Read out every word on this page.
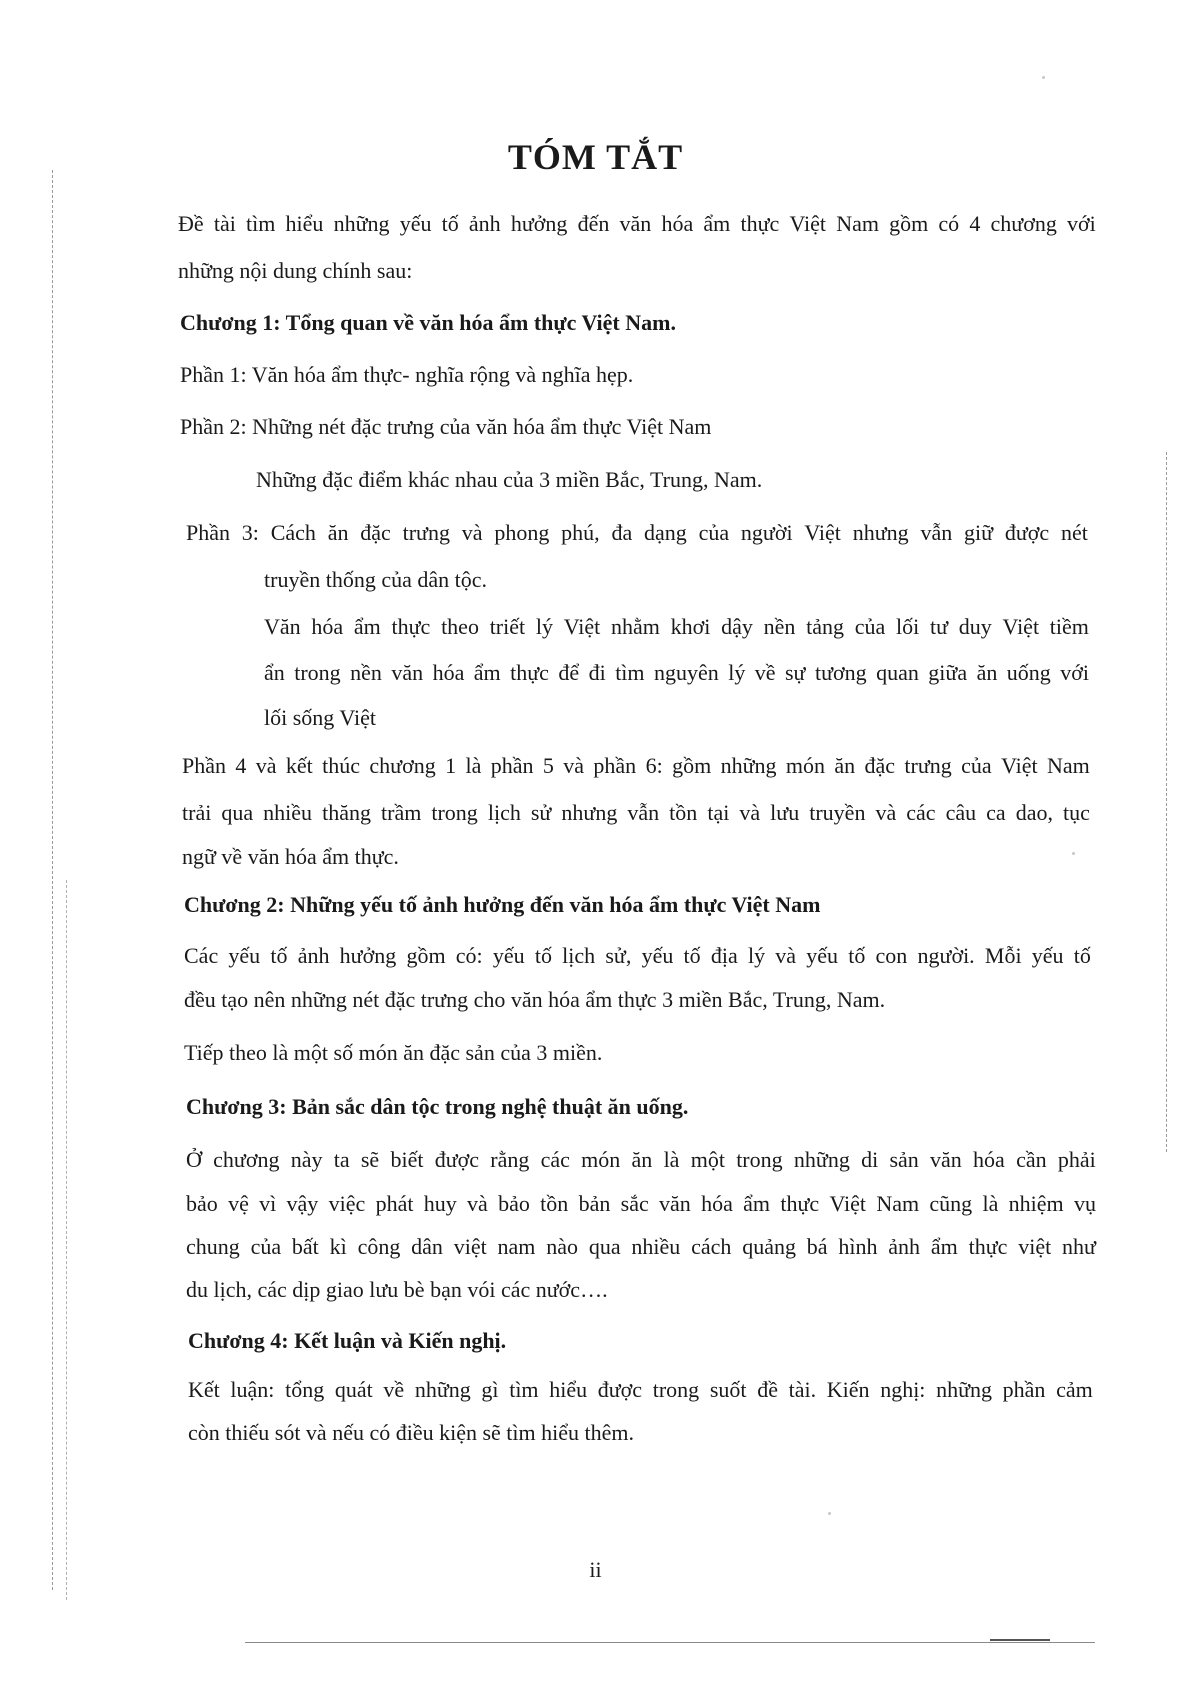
TÓM TẮT
Đề tài tìm hiểu những yếu tố ảnh hưởng đến văn hóa ẩm thực Việt Nam gồm có 4 chương với
những nội dung chính sau:
Chương 1: Tổng quan về văn hóa ẩm thực Việt Nam.
Phần 1: Văn hóa ẩm thực- nghĩa rộng và nghĩa hẹp.
Phần 2: Những nét đặc trưng của văn hóa ẩm thực Việt Nam
Những đặc điểm khác nhau của 3 miền Bắc, Trung, Nam.
Phần 3: Cách ăn đặc trưng và phong phú, đa dạng của người Việt nhưng vẫn giữ được nét
truyền thống của dân tộc.
Văn hóa ẩm thực theo triết lý Việt nhằm khơi dậy nền tảng của lối tư duy Việt tiềm
ẩn trong nền văn hóa ẩm thực để đi tìm nguyên lý về sự tương quan giữa ăn uống với
lối sống Việt
Phần 4 và kết thúc chương 1 là phần 5 và phần 6: gồm những món ăn đặc trưng của Việt Nam
trải qua nhiều thăng trầm trong lịch sử nhưng vẫn tồn tại và lưu truyền và các câu ca dao, tục
ngữ về văn hóa ẩm thực.
Chương 2: Những yếu tố ảnh hưởng đến văn hóa ẩm thực Việt Nam
Các yếu tố ảnh hưởng gồm có: yếu tố lịch sử, yếu tố địa lý và yếu tố con người. Mỗi yếu tố
đều tạo nên những nét đặc trưng cho văn hóa ẩm thực 3 miền Bắc, Trung, Nam.
Tiếp theo là một số món ăn đặc sản của 3 miền.
Chương 3: Bản sắc dân tộc trong nghệ thuật ăn uống.
Ở chương này ta sẽ biết được rằng các món ăn là một trong những di sản văn hóa cần phải
bảo vệ vì vậy việc phát huy và bảo tồn bản sắc văn hóa ẩm thực Việt Nam cũng là nhiệm vụ
chung của bất kì công dân việt nam nào qua nhiều cách quảng bá hình ảnh ẩm thực việt như
du lịch, các dịp giao lưu bè bạn vói các nước….
Chương 4: Kết luận và Kiến nghị.
Kết luận: tổng quát về những gì tìm hiểu được trong suốt đề tài. Kiến nghị: những phần cảm
còn thiếu sót và nếu có điều kiện sẽ tìm hiểu thêm.
ii
